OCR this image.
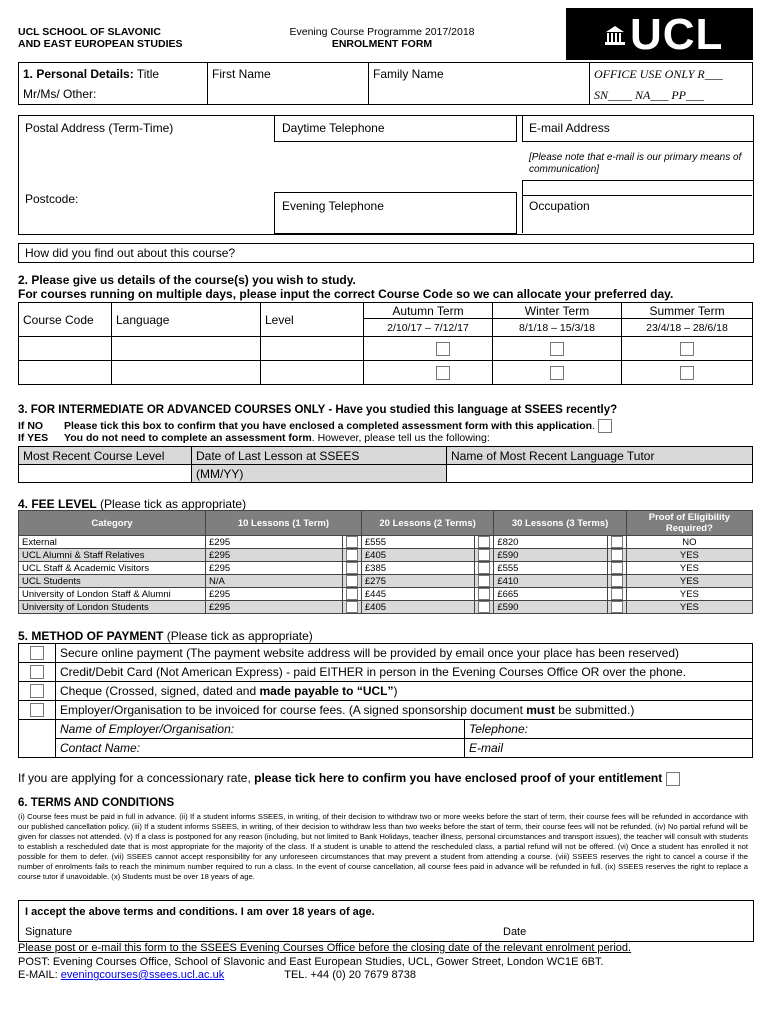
UCL SCHOOL OF SLAVONIC
AND EAST EUROPEAN STUDIES
Evening Course Programme 2017/2018
ENROLMENT FORM	UCL
1. Personal Details: Title
Mr/Ms/ Other:
	First Name	Family Name	OFFICE USE ONLY R___
SN____ NA___ PP___
Postal Address (Term-Time)
Postcode:
Daytime Telephone
Evening Telephone
E-mail Address
[Please note that e-mail is our primary means of communication]
Occupation
How did you find out about this course?
2. Please give us details of the course(s) you wish to study.
For courses running on multiple days, please input the correct Course Code so we can allocate your preferred day.
Course Code	Language	Level	Autumn Term	Winter Term	Summer Term
			2/10/17 – 7/12/17	8/1/18 – 15/3/18	23/4/18 – 28/6/18

3. FOR INTERMEDIATE OR ADVANCED COURSES ONLY - Have you studied this language at SSEES recently?
If NO Please tick this box to confirm that you have enclosed a completed assessment form with this application.
If YES You do not need to complete an assessment form. However, please tell us the following:
Most Recent Course Level	Date of Last Lesson at SSEES	Name of Most Recent Language Tutor
	(MM/YY)	
4. FEE LEVEL (Please tick as appropriate)
Category	10 Lessons (1 Term)		20 Lessons (2 Terms)		30 Lessons (3 Terms)		Proof of Eligibility Required?
External	£295		£555		£820		NO
UCL Alumni & Staff Relatives	£295		£405		£590		YES
UCL Staff & Academic Visitors	£295		£385		£555		YES
UCL Students	N/A		£275		£410		YES
University of London Staff & Alumni	£295		£445		£665		YES
University of London Students	£295		£405		£590		YES
5. METHOD OF PAYMENT (Please tick as appropriate)
	Secure online payment (The payment website address will be provided by email once your place has been reserved)	
	Credit/Debit Card (Not American Express) - paid EITHER in person in the Evening Courses Office OR over the phone.	
	Cheque (Crossed, signed, dated and made payable to “UCL”)	
	Employer/Organisation to be invoiced for course fees. (A signed sponsorship document must be submitted.)	
	Name of Employer/Organisation:	Telephone:
	Contact Name:	E-mail
If you are applying for a concessionary rate, please tick here to confirm you have enclosed proof of your entitlement
6. TERMS AND CONDITIONS
(i) Course fees must be paid in full in advance. (ii) If a student informs SSEES, in writing, of their decision to withdraw two or more weeks before the start of term, their course fees will be refunded in accordance with our published cancellation policy. (iii) If a student informs SSEES, in writing, of their decision to withdraw less than two weeks before the start of term, their course fees will not be refunded. (iv) No partial refund will be given for classes not attended. (v) If a class is postponed for any reason (including, but not limited to Bank Holidays, teacher illness, personal circumstances and transport issues), the teacher will consult with students to establish a rescheduled date that is most appropriate for the majority of the class. If a student is unable to attend the rescheduled class, a partial refund will not be offered. (vi) Once a student has enrolled it not possible for them to defer. (vii) SSEES cannot accept responsibility for any unforeseen circumstances that may prevent a student from attending a course. (viii) SSEES reserves the right to cancel a course if the number of enrolments fails to reach the minimum number required to run a class. In the event of course cancellation, all course fees paid in advance will be refunded in full. (ix) SSEES reserves the right to replace a course tutor if unavoidable. (x) Students must be over 18 years of age.
I accept the above terms and conditions. I am over 18 years of age.
Signature	Date
Please post or e-mail this form to the SSEES Evening Courses Office before the closing date of the relevant enrolment period.
POST: Evening Courses Office, School of Slavonic and East European Studies, UCL, Gower Street, London WC1E 6BT.
E-MAIL: eveningcourses@ssees.ucl.ac.uk	TEL. +44 (0) 20 7679 8738
